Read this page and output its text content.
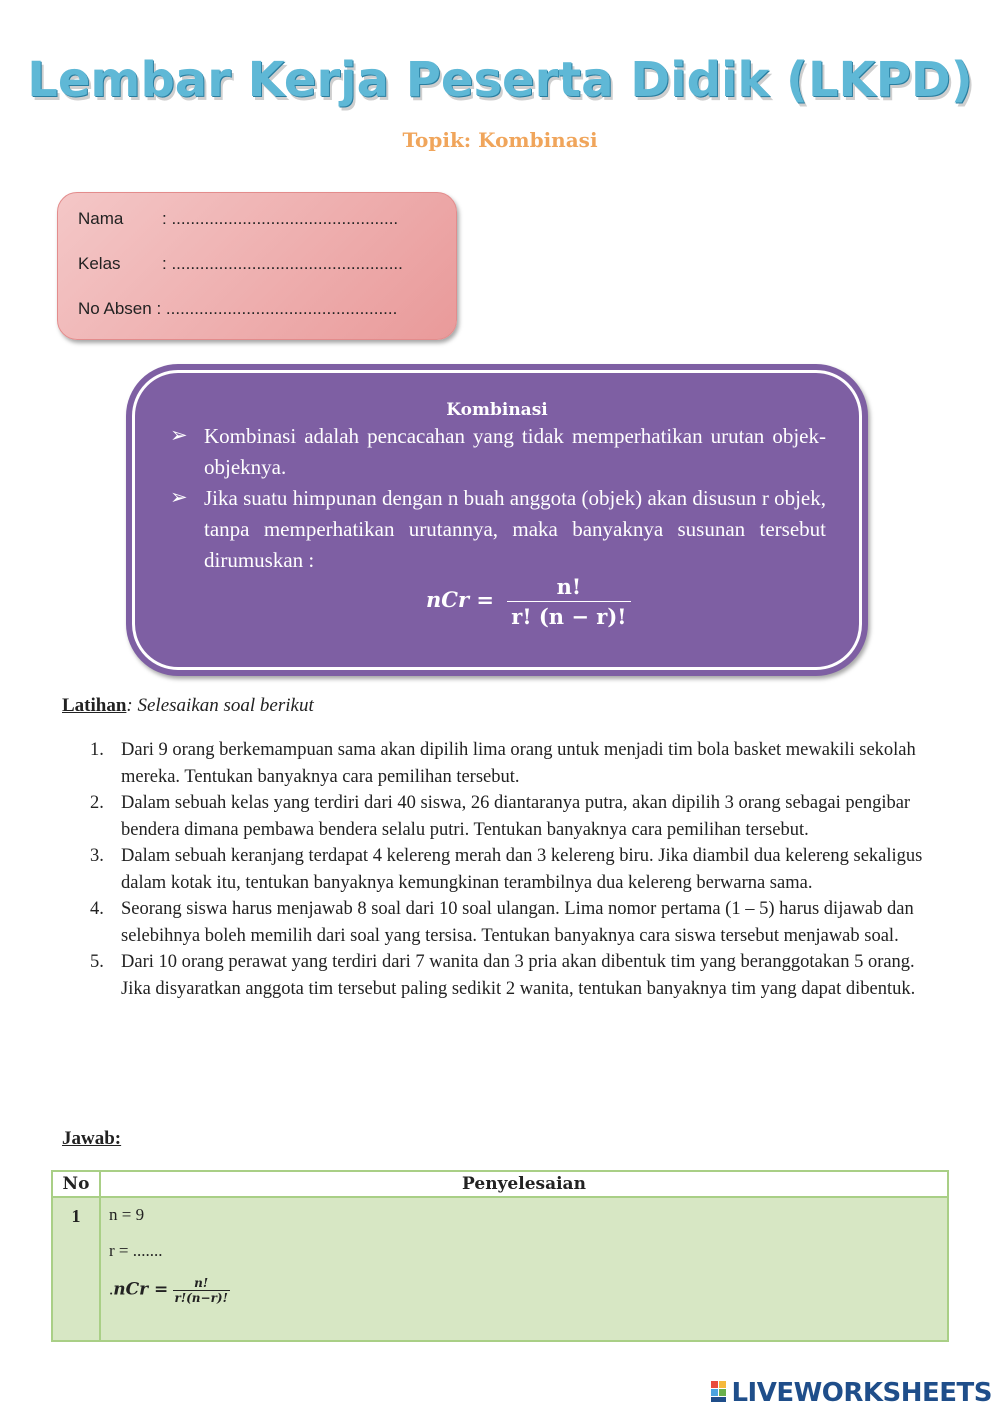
Lembar Kerja Peserta Didik (LKPD)
Topik: Kombinasi
Nama : ................................................
Kelas : .................................................
No Absen : .................................................
Kombinasi
➢ Kombinasi adalah pencacahan yang tidak memperhatikan urutan objek-objeknya.
➢ Jika suatu himpunan dengan n buah anggota (objek) akan disusun r objek, tanpa memperhatikan urutannya, maka banyaknya susunan tersebut dirumuskan :
nCr = $\frac{n!}{r! (n - r)!}$
Latihan: Selesaikan soal berikut
1. Dari 9 orang berkemampuan sama akan dipilih lima orang untuk menjadi tim bola basket mewakili sekolah mereka. Tentukan banyaknya cara pemilihan tersebut.
2. Dalam sebuah kelas yang terdiri dari 40 siswa, 26 diantaranya putra, akan dipilih 3 orang sebagai pengibar bendera dimana pembawa bendera selalu putri. Tentukan banyaknya cara pemilihan tersebut.
3. Dalam sebuah keranjang terdapat 4 kelereng merah dan 3 kelereng biru. Jika diambil dua kelereng sekaligus dalam kotak itu, tentukan banyaknya kemungkinan terambilnya dua kelereng berwarna sama.
4. Seorang siswa harus menjawab 8 soal dari 10 soal ulangan. Lima nomor pertama (1 – 5) harus dijawab dan selebihnya boleh memilih dari soal yang tersisa. Tentukan banyaknya cara siswa tersebut menjawab soal.
5. Dari 10 orang perawat yang terdiri dari 7 wanita dan 3 pria akan dibentuk tim yang beranggotakan 5 orang. Jika disyaratkan anggota tim tersebut paling sedikit 2 wanita, tentukan banyaknya tim yang dapat dibentuk.
Jawab:
No	Penyelesaian
1	n = 9
r = .......
$.nCr = \frac{n!}{r!(n-r)!}$
LIVEWORKSHEETS
